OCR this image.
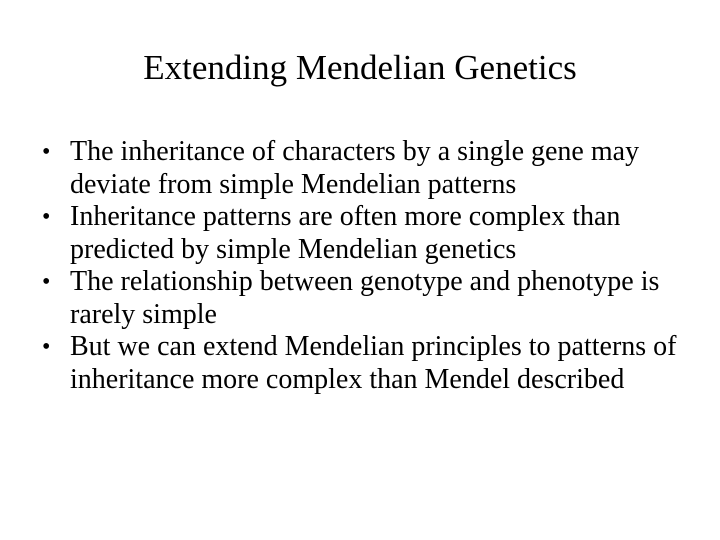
Extending Mendelian Genetics
• The inheritance of characters by a single gene may deviate from simple Mendelian patterns
• Inheritance patterns are often more complex than predicted by simple Mendelian genetics
• The relationship between genotype and phenotype is rarely simple
• But we can extend Mendelian principles to patterns of inheritance more complex than Mendel described
